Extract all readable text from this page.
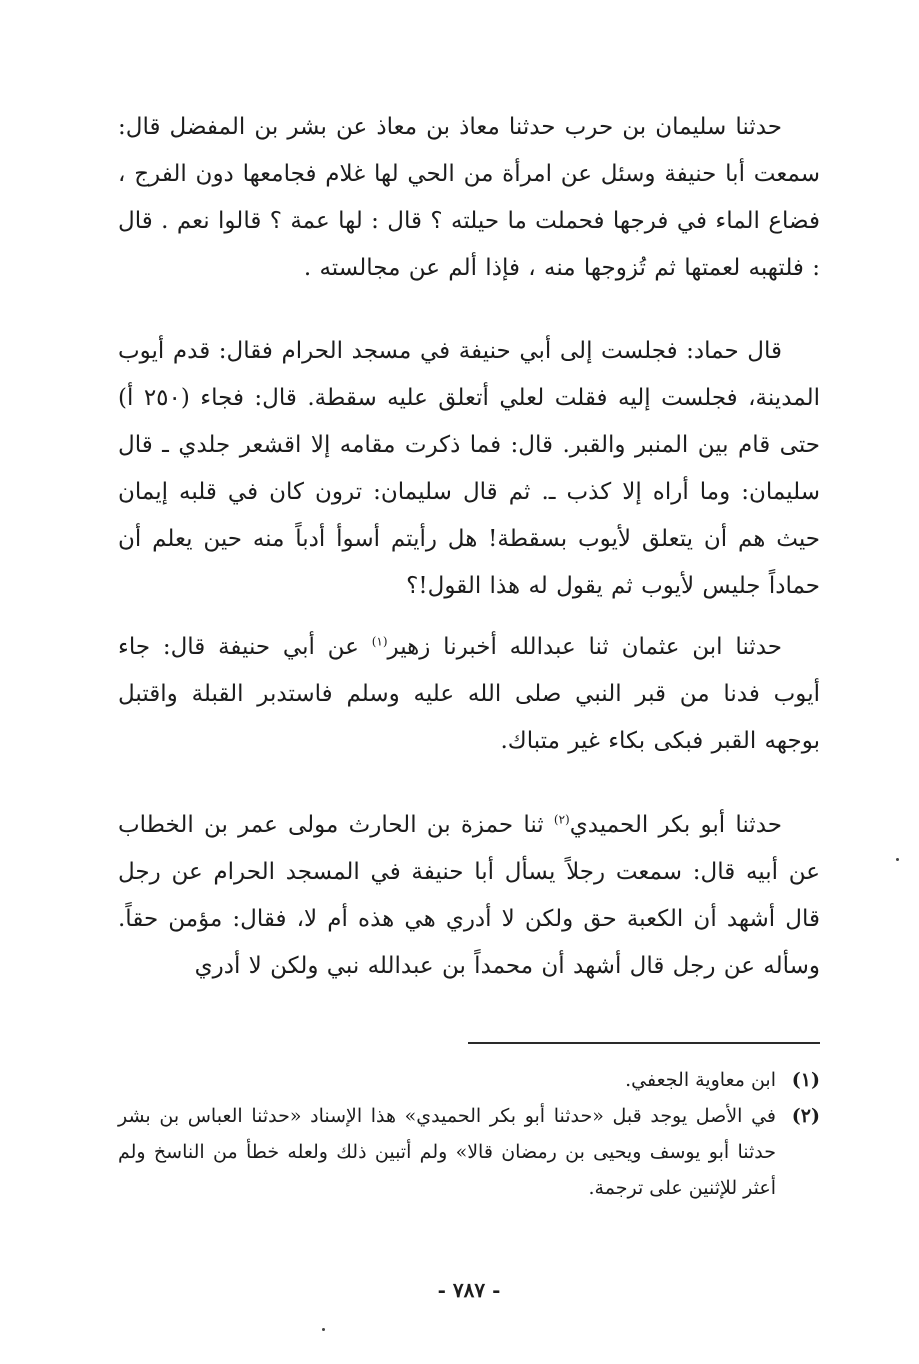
حدثنا سليمان بن حرب حدثنا معاذ بن معاذ عن بشر بن المفضل قال: سمعت أبا حنيفة وسئل عن امرأة من الحي لها غلام فجامعها دون الفرج ، فضاع الماء في فرجها فحملت ما حيلته ؟ قال : لها عمة ؟ قالوا نعم . قال : فلتهبه لعمتها ثم تُزوجها منه ، فإذا ألم عن مجالسته .

قال حماد: فجلست إلى أبي حنيفة في مسجد الحرام فقال: قدم أيوب المدينة، فجلست إليه فقلت لعلي أتعلق عليه سقطة. قال: فجاء (٢٥٠ أ) حتى قام بين المنبر والقبر. قال: فما ذكرت مقامه إلا اقشعر جلدي ـ قال سليمان: وما أراه إلا كذب ـ. ثم قال سليمان: ترون كان في قلبه إيمان حيث هم أن يتعلق لأيوب بسقطة! هل رأيتم أسوأ أدباً منه حين يعلم أن حماداً جليس لأيوب ثم يقول له هذا القول!؟

حدثنا ابن عثمان ثنا عبدالله أخبرنا زهير$^{(١)}$ عن أبي حنيفة قال: جاء أيوب فدنا من قبر النبي صلى الله عليه وسلم فاستدبر القبلة واقتبل بوجهه القبر فبكى بكاء غير متباك.

حدثنا أبو بكر الحميدي$^{(٢)}$ ثنا حمزة بن الحارث مولى عمر بن الخطاب عن أبيه قال: سمعت رجلاً يسأل أبا حنيفة في المسجد الحرام عن رجل قال أشهد أن الكعبة حق ولكن لا أدري هي هذه أم لا، فقال: مؤمن حقاً. وسأله عن رجل قال أشهد أن محمداً بن عبدالله نبي ولكن لا أدري

(١)
ابن معاوية الجعفي.
(٢)
في الأصل يوجد قبل «حدثنا أبو بكر الحميدي» هذا الإسناد «حدثنا العباس بن بشر حدثنا أبو يوسف ويحيى بن رمضان قالا» ولم أتبين ذلك ولعله خطأ من الناسخ ولم أعثر للإثنين على ترجمة.
- ٧٨٧ -
